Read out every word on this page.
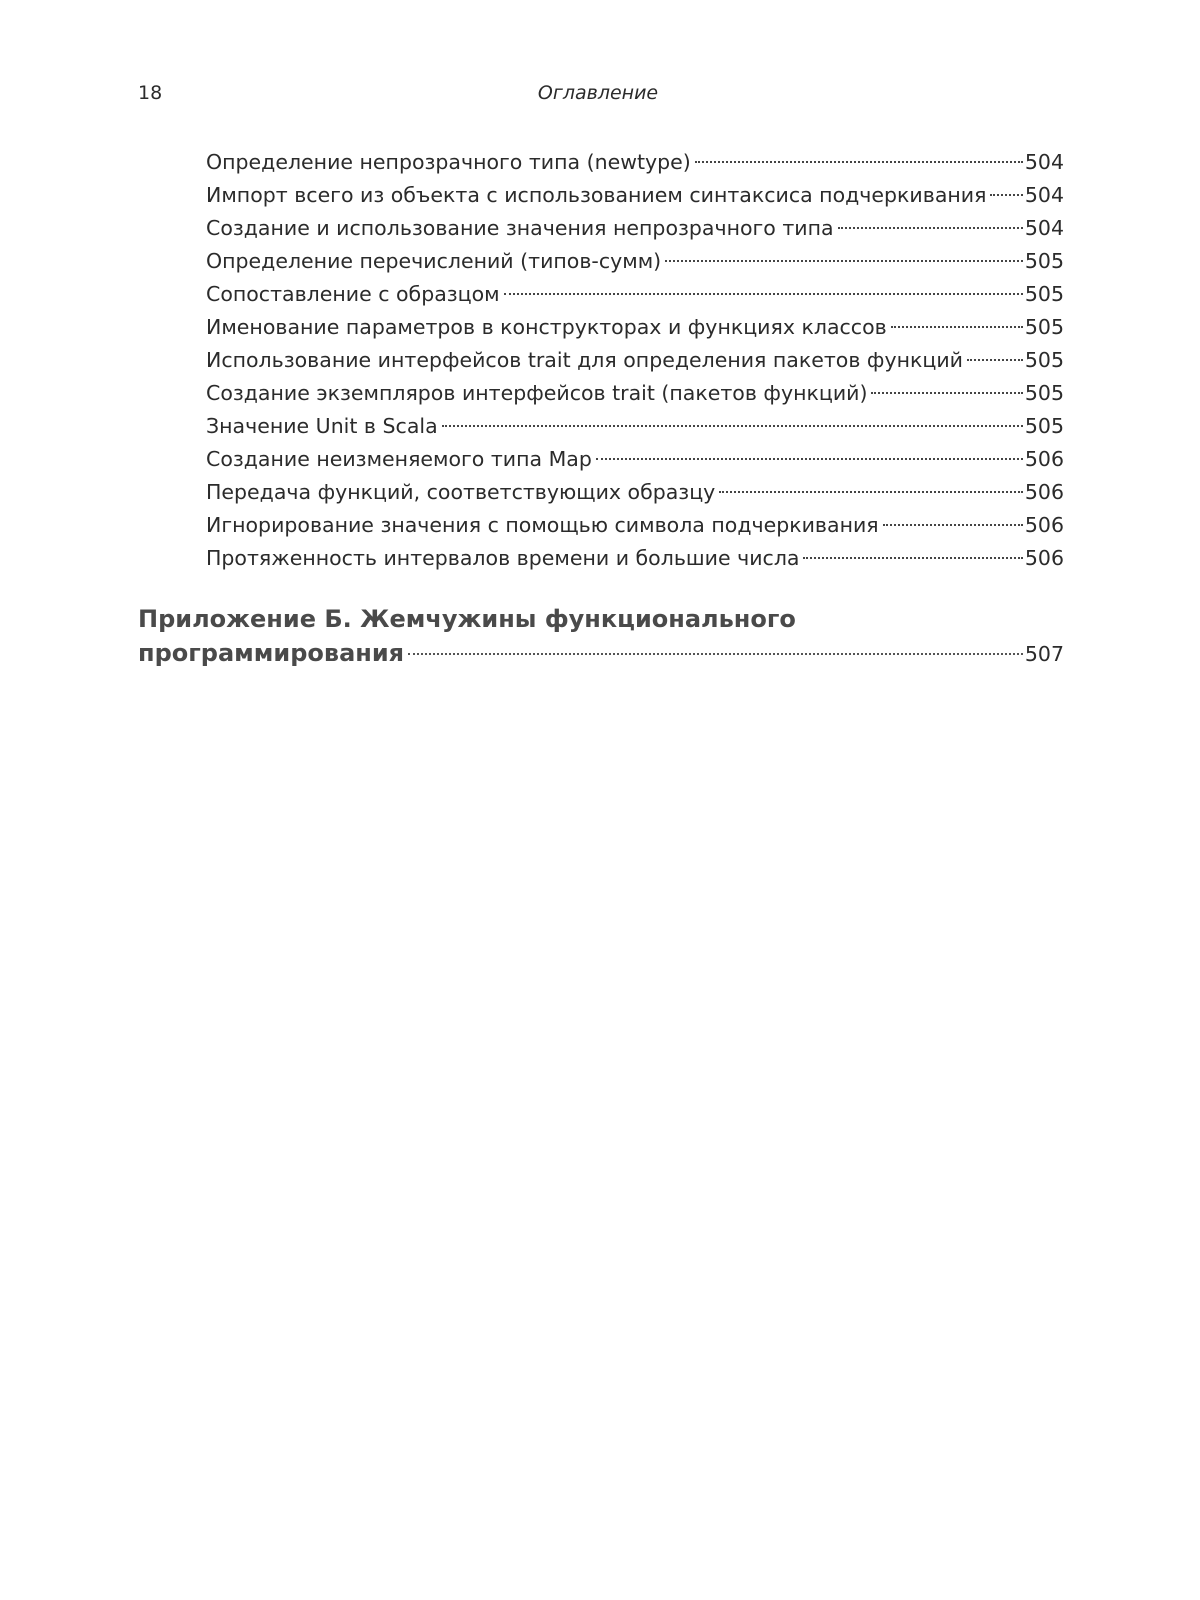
18	Оглавление
Определение непрозрачного типа (newtype)	504
Импорт всего из объекта с использованием синтаксиса подчеркивания 504
Создание и использование значения непрозрачного типа	504
Определение перечислений (типов-сумм)	505
Сопоставление с образцом	505
Именование параметров в конструкторах и функциях классов	505
Использование интерфейсов trait для определения пакетов функций	505
Создание экземпляров интерфейсов trait (пакетов функций)	505
Значение Unit в Scala	505
Создание неизменяемого типа Map	506
Передача функций, соответствующих образцу	506
Игнорирование значения с помощью символа подчеркивания	506
Протяженность интервалов времени и большие числа	506
Приложение Б. Жемчужины функционального
программирования	507
